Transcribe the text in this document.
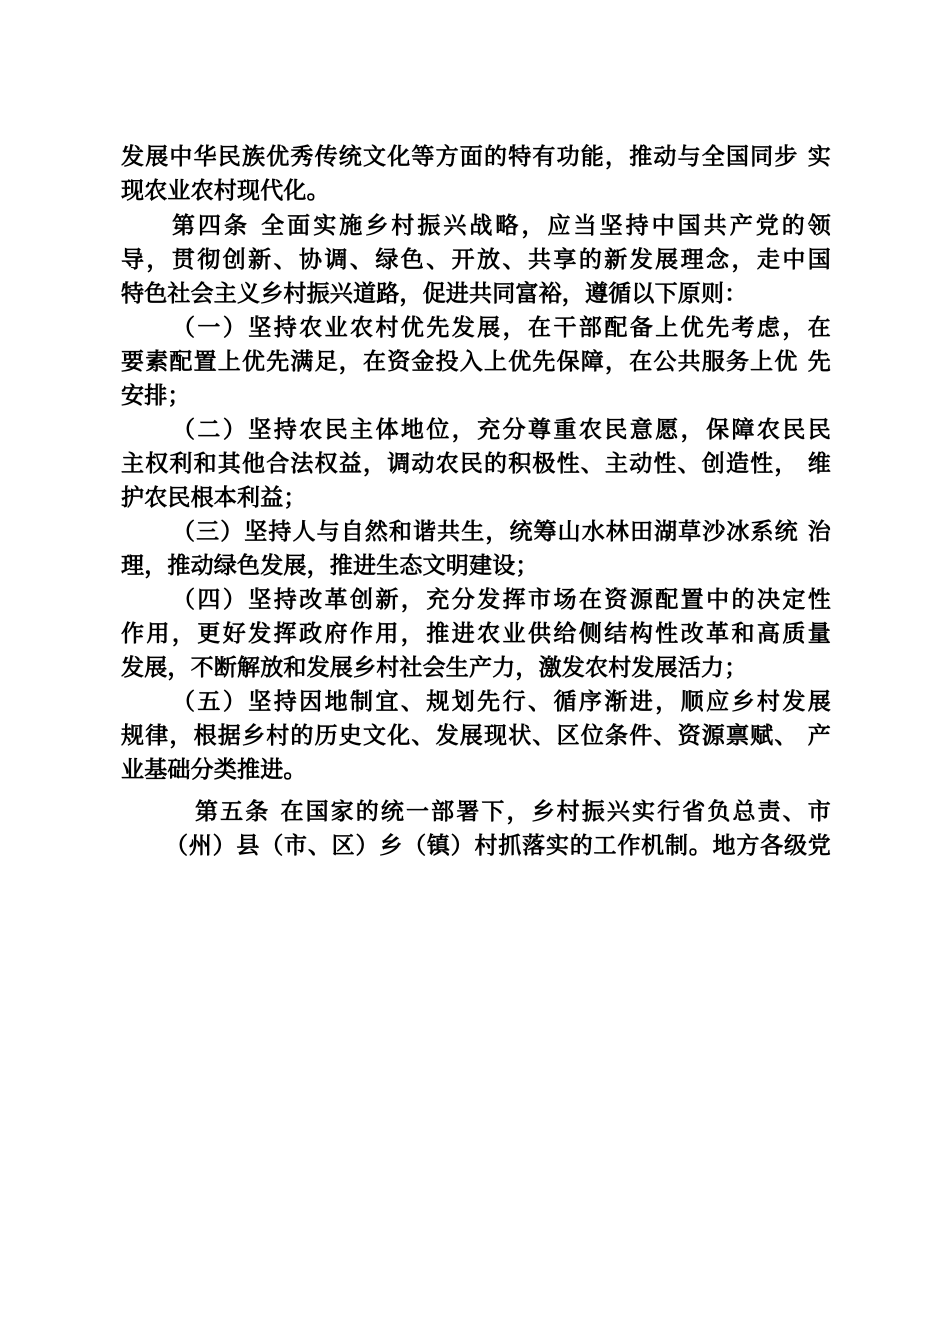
发展中华民族优秀传统文化等方面的特有功能，推动与全国同步 实
现农业农村现代化。
第四条 全面实施乡村振兴战略，应当坚持中国共产党的领
导，贯彻创新、协调、绿色、开放、共享的新发展理念，走中国
特色社会主义乡村振兴道路，促进共同富裕，遵循以下原则：
（一）坚持农业农村优先发展，在干部配备上优先考虑，在
要素配置上优先满足，在资金投入上优先保障，在公共服务上优 先
安排；
（二）坚持农民主体地位，充分尊重农民意愿，保障农民民
主权利和其他合法权益，调动农民的积极性、主动性、创造性， 维
护农民根本利益；
（三）坚持人与自然和谐共生，统筹山水林田湖草沙冰系统 治
理，推动绿色发展，推进生态文明建设；
（四）坚持改革创新，充分发挥市场在资源配置中的决定性
作用，更好发挥政府作用，推进农业供给侧结构性改革和高质量
发展，不断解放和发展乡村社会生产力，激发农村发展活力；
（五）坚持因地制宜、规划先行、循序渐进，顺应乡村发展
规律，根据乡村的历史文化、发展现状、区位条件、资源禀赋、 产
业基础分类推进。
第五条 在国家的统一部署下，乡村振兴实行省负总责、市
（州）县（市、区）乡（镇）村抓落实的工作机制。地方各级党
